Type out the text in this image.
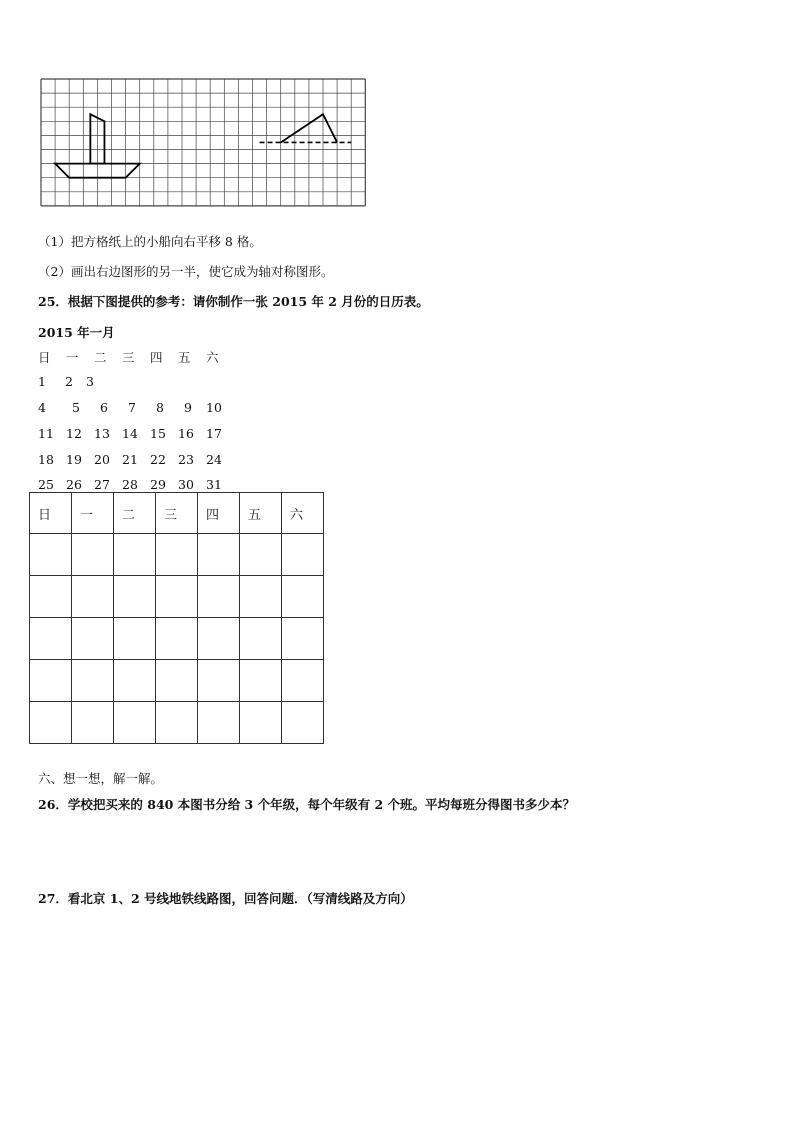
（1）把方格纸上的小船向右平移 8 格。
（2）画出右边图形的另一半，使它成为轴对称图形。
25．根据下图提供的参考：请你制作一张 2015 年 2 月份的日历表。
2015 年一月
日 一 二 三 四 五 六
1 2 3
4 5 6 7 8 9 10
11 12 13 14 15 16 17
18 19 20 21 22 23 24
25 26 27 28 29 30 31
日	一	二	三	四	五	六

六、想一想，解一解。
26．学校把买来的 840 本图书分给 3 个年级，每个年级有 2 个班。平均每班分得图书多少本？
27．看北京 1、2 号线地铁线路图，回答问题．（写清线路及方向）
